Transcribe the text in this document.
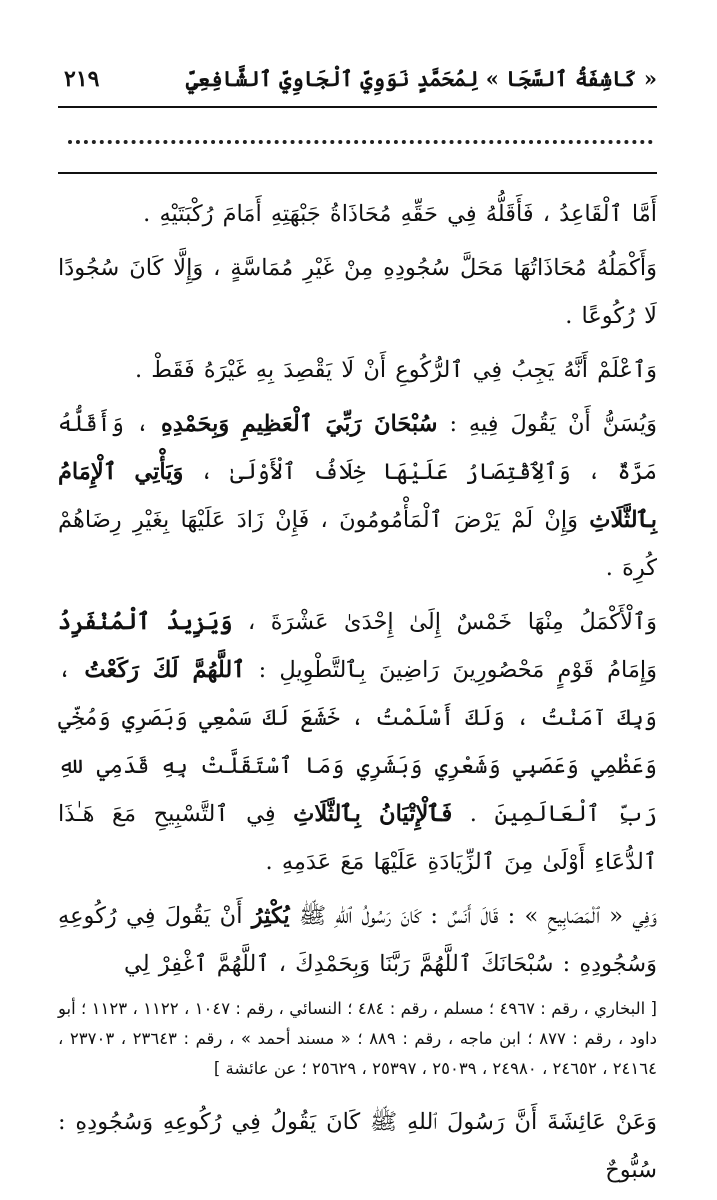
« كَاشِفَةُ ٱلسَّجَا » لِمُحَمَّدٍ نَوَوِيِّ ٱلْجَاوِيِّ ٱلشَّافِعِيِّ
٢١٩

أَمَّا ٱلْقَاعِدُ ، فَأَقَلُّهُ فِي حَقِّهِ مُحَاذَاةُ جَبْهَتِهِ أَمَامَ رُكْبَتَيْهِ .

وَأَكْمَلُهُ مُحَاذَاتُهَا مَحَلَّ سُجُودِهِ مِنْ غَيْرِ مُمَاسَّةٍ ، وَإِلَّا كَانَ سُجُودًا لَا رُكُوعًا .

وَٱعْلَمْ أَنَّهُ يَجِبُ فِي ٱلرُّكُوعِ أَنْ لَا يَقْصِدَ بِهِ غَيْرَهُ فَقَطْ .

وَيُسَنُّ أَنْ يَقُولَ فِيهِ : سُبْحَانَ رَبِّيَ ٱلْعَظِيمِ وَبِحَمْدِهِ ، وَأَقَلُّهُ مَرَّةٌ ، وَٱلِٱقْتِصَارُ عَلَيْهَا خِلَافُ ٱلْأَوْلَىٰ ، وَيَأْتِي ٱلْإِمَامُ بِٱلثَّلَاثِ وَإِنْ لَمْ يَرْضَ ٱلْمَأْمُومُونَ ، فَإِنْ زَادَ عَلَيْهَا بِغَيْرِ رِضَاهُمْ كُرِهَ .

وَٱلْأَكْمَلُ مِنْهَا خَمْسٌ إِلَىٰ إِحْدَىٰ عَشْرَةَ ، وَيَزِيدُ ٱلْمُنْفَرِدُ وَإِمَامُ قَوْمٍ مَحْصُورِينَ رَاضِينَ بِٱلتَّطْوِيلِ : ٱللَّهُمَّ لَكَ رَكَعْتُ ، وَبِكَ آمَنْتُ ، وَلَكَ أَسْلَمْتُ ، خَشَعَ لَكَ سَمْعِي وَبَصَرِي وَمُخِّي وَعَظْمِي وَعَصَبِي وَشَعْرِي وَبَشَرِي وَمَا ٱسْتَقَلَّتْ بِهِ قَدَمِي للهِ رَبِّ ٱلْعَالَمِينَ . فَٱلْإِتْيَانُ بِٱلثَّلَاثِ فِي ٱلتَّسْبِيحِ مَعَ هَـٰذَا ٱلدُّعَاءِ أَوْلَىٰ مِنَ ٱلزِّيَادَةِ عَلَيْهَا مَعَ عَدَمِهِ .

وَفِي « ٱلْمَصَابِيحِ » : قَالَ أَنَسٌ : كَانَ رَسُولُ ٱللهِ ﷺ يُكْثِرُ أَنْ يَقُولَ فِي رُكُوعِهِ وَسُجُودِهِ : سُبْحَانَكَ ٱللَّهُمَّ رَبَّنَا وَبِحَمْدِكَ ، ٱللَّهُمَّ ٱغْفِرْ لِي

[ البخاري ، رقم : ٤٩٦٧ ؛ مسلم ، رقم : ٤٨٤ ؛ النسائي ، رقم : ١٠٤٧ ، ١١٢٢ ، ١١٢٣ ؛ أبو داود ، رقم : ٨٧٧ ؛ ابن ماجه ، رقم : ٨٨٩ ؛ « مسند أحمد » ، رقم : ٢٣٦٤٣ ، ٢٣٧٠٣ ، ٢٤١٦٤ ، ٢٤٦٥٢ ، ٢٤٩٨٠ ، ٢٥٠٣٩ ، ٢٥٣٩٧ ، ٢٥٦٢٩ ؛ عن عائشة ]

وَعَنْ عَائِشَةَ أَنَّ رَسُولَ ٱللهِ ﷺ كَانَ يَقُولُ فِي رُكُوعِهِ وَسُجُودِهِ : سُبُّوحٌ
